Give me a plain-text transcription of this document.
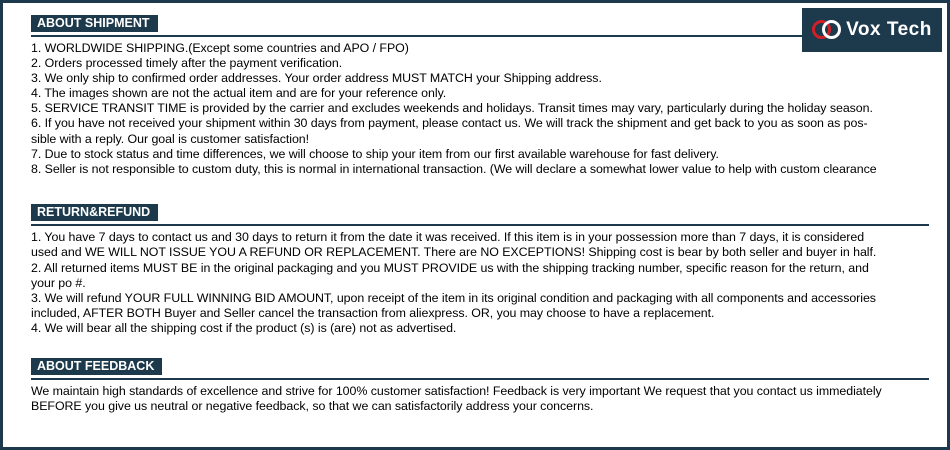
Vox Tech
ABOUT SHIPMENT

1. WORLDWIDE SHIPPING.(Except some countries and APO / FPO)

2. Orders processed timely after the payment verification.

3. We only ship to confirmed order addresses. Your order address MUST MATCH your Shipping address.

4. The images shown are not the actual item and are for your reference only.

5. SERVICE TRANSIT TIME is provided by the carrier and excludes weekends and holidays. Transit times may vary, particularly during the holiday season.

6. If you have not received your shipment within 30 days from payment, please contact us. We will track the shipment and get back to you as soon as pos-

sible with a reply. Our goal is customer satisfaction!

7. Due to stock status and time differences, we will choose to ship your item from our first available warehouse for fast delivery.

8. Seller is not responsible to custom duty, this is normal in international transaction. (We will declare a somewhat lower value to help with custom clearance

RETURN&REFUND

1. You have 7 days to contact us and 30 days to return it from the date it was received. If this item is in your possession more than 7 days, it is considered

used and WE WILL NOT ISSUE YOU A REFUND OR REPLACEMENT. There are NO EXCEPTIONS! Shipping cost is bear by both seller and buyer in half.

2. All returned items MUST BE in the original packaging and you MUST PROVIDE us with the shipping tracking number, specific reason for the return, and

your po #.

3. We will refund YOUR FULL WINNING BID AMOUNT, upon receipt of the item in its original condition and packaging with all components and accessories

included, AFTER BOTH Buyer and Seller cancel the transaction from aliexpress. OR, you may choose to have a replacement.

4. We will bear all the shipping cost if the product (s) is (are) not as advertised.

ABOUT FEEDBACK

We maintain high standards of excellence and strive for 100% customer satisfaction! Feedback is very important We request that you contact us immediately

BEFORE you give us neutral or negative feedback, so that we can satisfactorily address your concerns.
